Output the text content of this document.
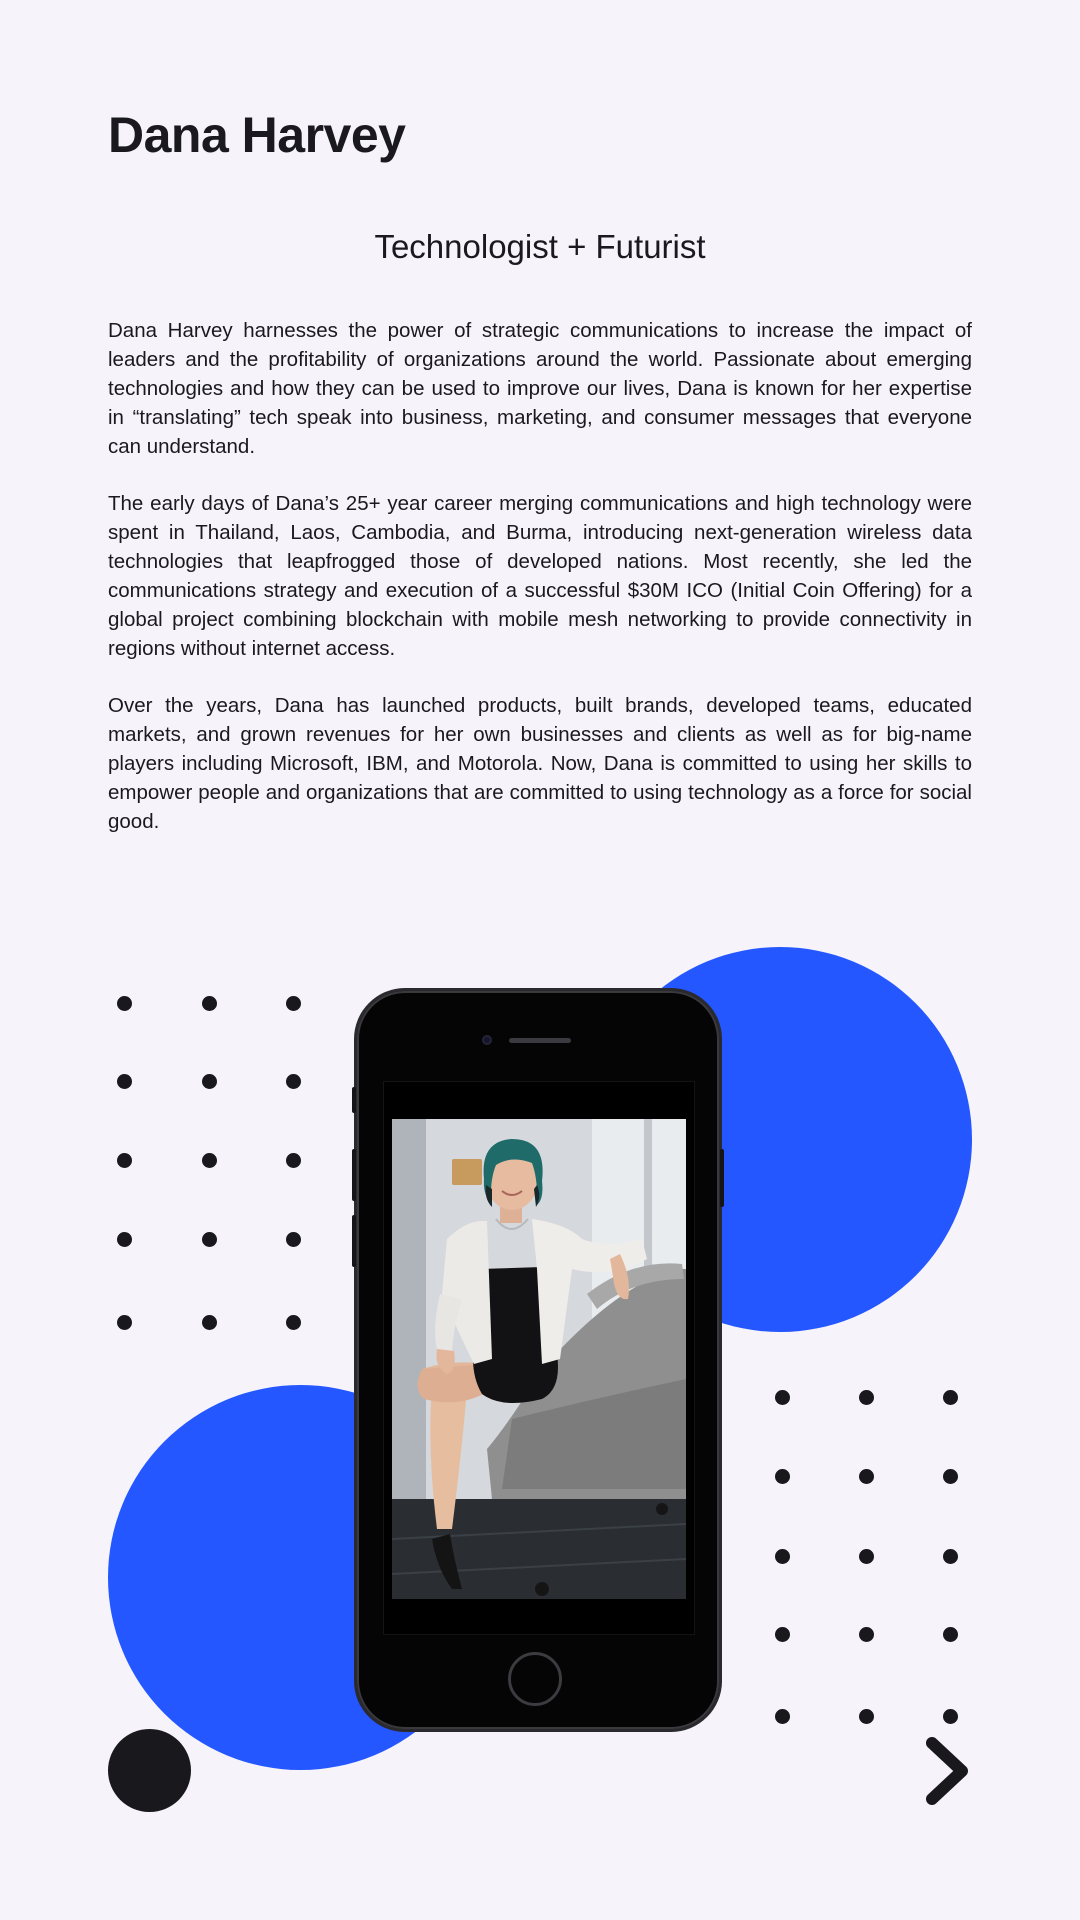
Dana Harvey
Technologist + Futurist

Dana Harvey harnesses the power of strategic communications to increase the impact of leaders and the profitability of organizations around the world. Passionate about emerging technologies and how they can be used to improve our lives, Dana is known for her expertise in “translating” tech speak into business, marketing, and consumer messages that everyone can understand.

The early days of Dana’s 25+ year career merging communications and high technology were spent in Thailand, Laos, Cambodia, and Burma, introducing next-generation wireless data technologies that leapfrogged those of developed nations. Most recently, she led the communications strategy and execution of a successful $30M ICO (Initial Coin Offering) for a global project combining blockchain with mobile mesh networking to provide connectivity in regions without internet access.

Over the years, Dana has launched products, built brands, developed teams, educated markets, and grown revenues for her own businesses and clients as well as for big-name players including Microsoft, IBM, and Motorola. Now, Dana is committed to using her skills to empower people and organizations that are committed to using technology as a force for social good.
